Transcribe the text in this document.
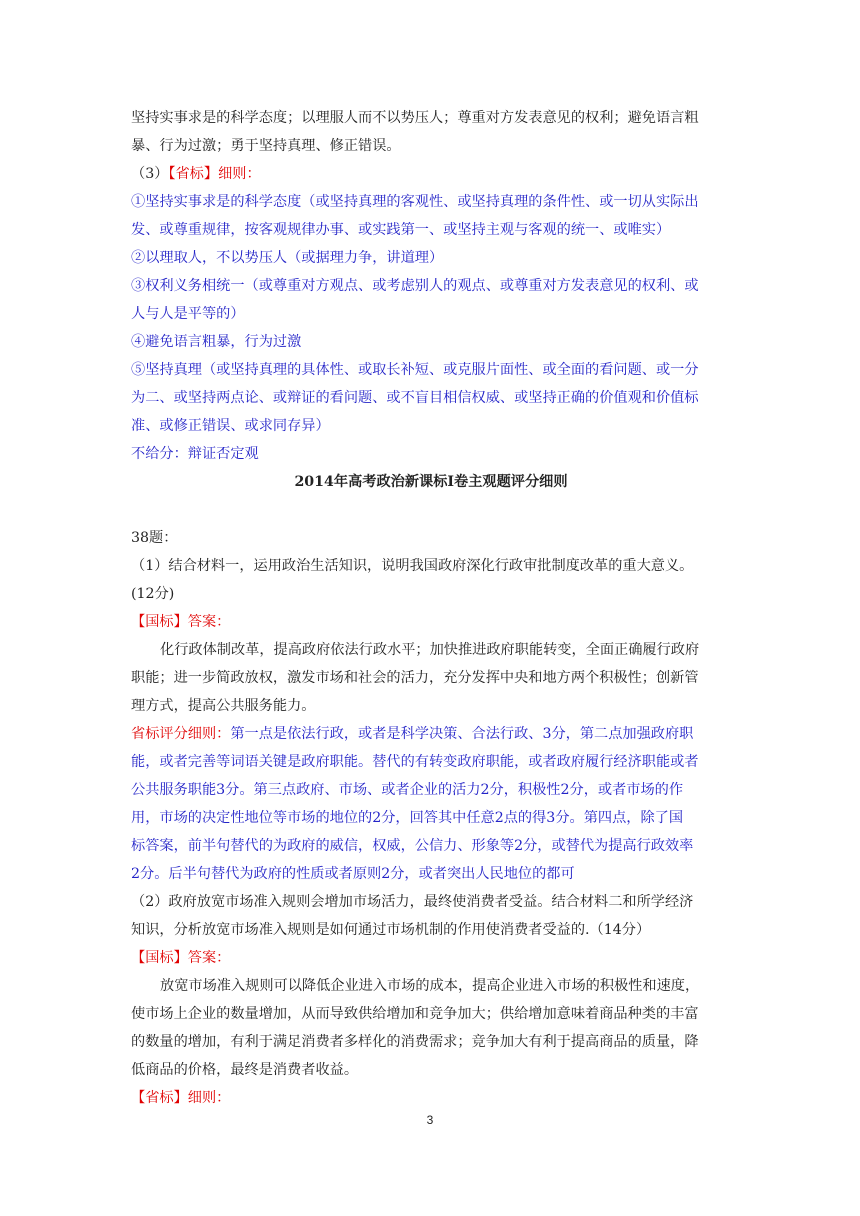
坚持实事求是的科学态度；以理服人而不以势压人；尊重对方发表意见的权利；避免语言粗
暴、行为过激；勇于坚持真理、修正错误。
（3）【省标】细则：
①坚持实事求是的科学态度（或坚持真理的客观性、或坚持真理的条件性、或一切从实际出
发、或尊重规律，按客观规律办事、或实践第一、或坚持主观与客观的统一、或唯实）
②以理取人，不以势压人（或据理力争，讲道理）
③权利义务相统一（或尊重对方观点、或考虑别人的观点、或尊重对方发表意见的权利、或
人与人是平等的）
④避免语言粗暴，行为过激
⑤坚持真理（或坚持真理的具体性、或取长补短、或克服片面性、或全面的看问题、或一分
为二、或坚持两点论、或辩证的看问题、或不盲目相信权威、或坚持正确的价值观和价值标
准、或修正错误、或求同存异）
不给分：辩证否定观
2014年高考政治新课标Ⅰ卷主观题评分细则
38题：
（1）结合材料一，运用政治生活知识，说明我国政府深化行政审批制度改革的重大意义。
(12分)
【国标】答案：
化行政体制改革，提高政府依法行政水平；加快推进政府职能转变，全面正确履行政府
职能；进一步简政放权，激发市场和社会的活力，充分发挥中央和地方两个积极性；创新管
理方式，提高公共服务能力。
省标评分细则：第一点是依法行政，或者是科学决策、合法行政、3分，第二点加强政府职
能，或者完善等词语关键是政府职能。替代的有转变政府职能，或者政府履行经济职能或者
公共服务职能3分。第三点政府、市场、或者企业的活力2分，积极性2分，或者市场的作
用，市场的决定性地位等市场的地位的2分，回答其中任意2点的得3分。第四点，除了国
标答案，前半句替代的为政府的威信，权威，公信力、形象等2分，或替代为提高行政效率
2分。后半句替代为政府的性质或者原则2分，或者突出人民地位的都可
（2）政府放宽市场准入规则会增加市场活力，最终使消费者受益。结合材料二和所学经济
知识，分析放宽市场准入规则是如何通过市场机制的作用使消费者受益的.（14分）
【国标】答案：
放宽市场准入规则可以降低企业进入市场的成本，提高企业进入市场的积极性和速度，
使市场上企业的数量增加，从而导致供给增加和竞争加大；供给增加意味着商品种类的丰富
的数量的增加，有利于满足消费者多样化的消费需求；竞争加大有利于提高商品的质量，降
低商品的价格，最终是消费者收益。
【省标】细则：
3
